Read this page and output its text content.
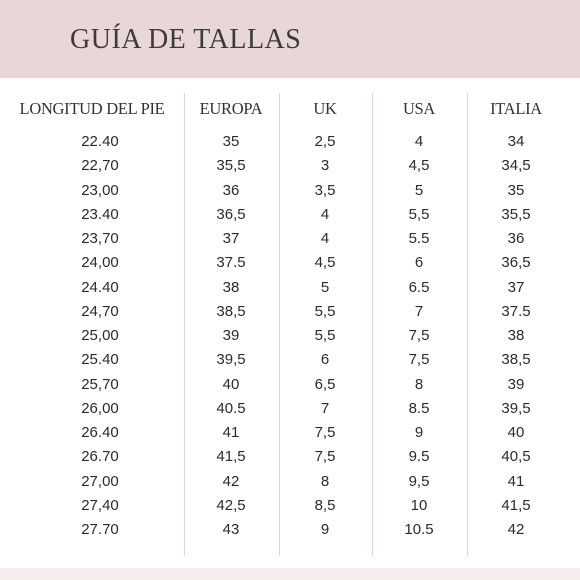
GUÍA DE TALLAS
LONGITUD DEL PIE	EUROPA	UK	USA	ITALIA
22.40	35	2,5	4	34
22,70	35,5	3	4,5	34,5
23,00	36	3,5	5	35
23.40	36,5	4	5,5	35,5
23,70	37	4	5.5	36
24,00	37.5	4,5	6	36,5
24.40	38	5	6.5	37
24,70	38,5	5,5	7	37.5
25,00	39	5,5	7,5	38
25.40	39,5	6	7,5	38,5
25,70	40	6,5	8	39
26,00	40.5	7	8.5	39,5
26.40	41	7,5	9	40
26.70	41,5	7,5	9.5	40,5
27,00	42	8	9,5	41
27,40	42,5	8,5	10	41,5
27.70	43	9	10.5	42
